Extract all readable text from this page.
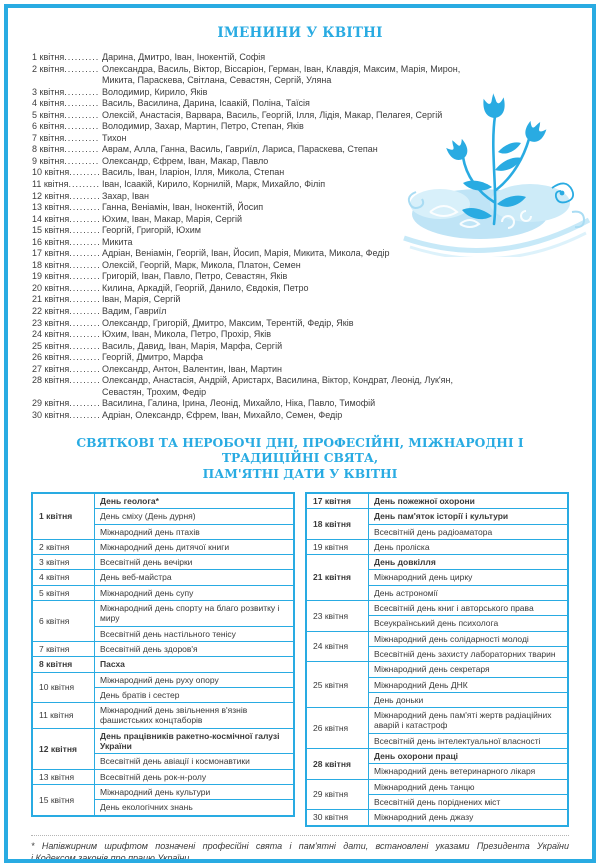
ІМЕНИНИ У КВІТНІ
1 квітня .....	Дарина, Дмитро, Іван, Інокентій, Софія
2 квітня .....	Олександра, Василь, Віктор, Віссаріон, Герман, Іван, Клавдія, Максим, Марія, Мирон,
Микита, Параскева, Світлана, Севастян, Сергій, Уляна
3 квітня .....	Володимир, Кирило, Яків
4 квітня .....	Василь, Василина, Дарина, Ісаакій, Поліна, Таїсія
5 квітня .....	Олексій, Анастасія, Варвара, Василь, Георгій, Ілля, Лідія, Макар, Пелагея, Сергій
6 квітня .....	Володимир, Захар, Мартин, Петро, Степан, Яків
7 квітня .....	Тихон
8 квітня .....	Аврам, Алла, Ганна, Василь, Гавриїл, Лариса, Параскева, Степан
9 квітня .....	Олександр, Єфрем, Іван, Макар, Павло
10 квітня .....	Василь, Іван, Іларіон, Ілля, Микола, Степан
11 квітня .....	Іван, Ісаакій, Кирило, Корнилій, Марк, Михайло, Філіп
12 квітня .....	Захар, Іван
13 квітня .....	Ганна, Веніамін, Іван, Інокентій, Йосип
14 квітня .....	Юхим, Іван, Макар, Марія, Сергій
15 квітня .....	Георгій, Григорій, Юхим
16 квітня .....	Микита
17 квітня .....	Адріан, Веніамін, Георгій, Іван, Йосип, Марія, Микита, Микола, Федір
18 квітня .....	Олексій, Георгій, Марк, Микола, Платон, Семен
19 квітня .....	Григорій, Іван, Павло, Петро, Севастян, Яків
20 квітня .....	Килина, Аркадій, Георгій, Данило, Євдокія, Петро
21 квітня .....	Іван, Марія, Сергій
22 квітня .....	Вадим, Гавриїл
23 квітня .....	Олександр, Григорій, Дмитро, Максим, Терентій, Федір, Яків
24 квітня .....	Юхим, Іван, Микола, Петро, Прохір, Яків
25 квітня .....	Василь, Давид, Іван, Марія, Марфа, Сергій
26 квітня .....	Георгій, Дмитро, Марфа
27 квітня .....	Олександр, Антон, Валентин, Іван, Мартин
28 квітня .....	Олександр, Анастасія, Андрій, Аристарх, Василина, Віктор, Кондрат, Леонід, Лук'ян,
Севастян, Трохим, Федір
29 квітня .....	Василина, Галина, Ірина, Леонід, Михайло, Ніка, Павло, Тимофій
30 квітня .....	Адріан, Олександр, Єфрем, Іван, Михайло, Семен, Федір
СВЯТКОВІ ТА НЕРОБОЧІ ДНІ, ПРОФЕСІЙНІ, МІЖНАРОДНІ І ТРАДИЦІЙНІ СВЯТА,
ПАМ'ЯТНІ ДАТИ У КВІТНІ
1 квітня	День геолога*
	День сміху (День дурня)
	Міжнародний день птахів
2 квітня	Міжнародний день дитячої книги
3 квітня	Всесвітній день вечірки
4 квітня	День веб-майстра
5 квітня	Міжнародний день супу
6 квітня	Міжнародний день спорту на благо розвитку і миру
	Всесвітній день настільного тенісу
7 квітня	Всесвітній день здоров'я
8 квітня	Пасха
10 квітня	Міжнародний день руху опору
	День братів і сестер
11 квітня	Міжнародний день звільнення в'язнів фашистських концтаборів
12 квітня	День працівників ракетно-космічної галузі України
	Всесвітній день авіації і космонавтики
13 квітня	Всесвітній день рок-н-ролу
15 квітня	Міжнародний день культури
	День екологічних знань
17 квітня	День пожежної охорони
18 квітня	День пам'яток історії і культури
	Всесвітній день радіоаматора
19 квітня	День проліска
21 квітня	День довкілля
	Міжнародний день цирку
	День астрономії
23 квітня	Всесвітній день книг і авторського права
	Всеукраїнський день психолога
24 квітня	Міжнародний день солідарності молоді
	Всесвітній день захисту лабораторних тварин
25 квітня	Міжнародний день секретаря
	Міжнародний День ДНК
	День доньки
26 квітня	Міжнародний день пам'яті жертв радіаційних аварій і катастроф
	Всесвітній день інтелектуальної власності
28 квітня	День охорони праці
	Міжнародний день ветеринарного лікаря
29 квітня	Міжнародний день танцю
	Всесвітній день поріднених міст
30 квітня	Міжнародний день джазу
* Напівжирним шрифтом позначені професійні свята і пам'ятні дати, встановлені указами Президента України
і Кодексом законів про працю України.
